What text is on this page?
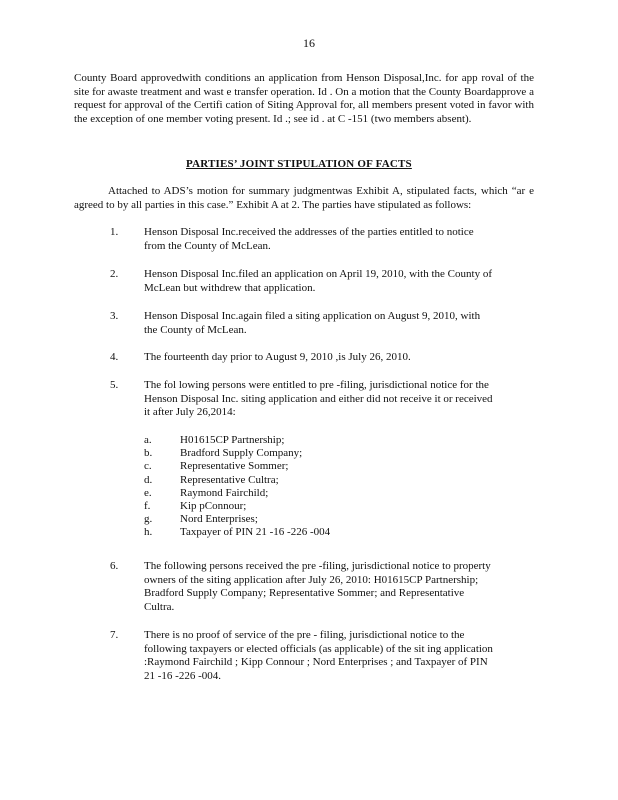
16
County Board approvedwith conditions an application from Henson Disposal,Inc. for app roval of the site for awaste treatment and wast e transfer operation. Id . On a motion that the County Boardapprove a request for approval of the Certifi cation of Siting Approval for, all members present voted in favor with the exception of one member voting present. Id .; see id . at C -151 (two members absent).
PARTIES’ JOINT STIPULATION OF FACTS
Attached to ADS’s motion for summary judgmentwas Exhibit A, stipulated facts, which “ar e agreed to by all parties in this case.” Exhibit A at 2. The parties have stipulated as follows:
1.	Henson Disposal Inc.received the addresses of the parties entitled to notice from the County of McLean.
2.	Henson Disposal Inc.filed an application on April 19, 2010, with the County of McLean but withdrew that application.
3.	Henson Disposal Inc.again filed a siting application on August 9, 2010, with the County of McLean.
4.	The fourteenth day prior to August 9, 2010 ,is July 26, 2010.
5.	The fol lowing persons were entitled to pre -filing, jurisdictional notice for the Henson Disposal Inc. siting application and either did not receive it or received it after July 26,2014:
a.	H01615CP Partnership;
b.	Bradford Supply Company;
c.	Representative Sommer;
d.	Representative Cultra;
e.	Raymond Fairchild;
f.	Kip pConnour;
g.	Nord Enterprises;
h.	Taxpayer of PIN 21 -16 -226 -004
6.	The following persons received the pre -filing, jurisdictional notice to property owners of the siting application after July 26, 2010: H01615CP Partnership; Bradford Supply Company; Representative Sommer; and Representative Cultra.
7.	There is no proof of service of the pre - filing, jurisdictional notice to the following taxpayers or elected officials (as applicable) of the sit ing application :Raymond Fairchild ; Kipp Connour ; Nord Enterprises ; and Taxpayer of PIN 21 -16 -226 -004.
